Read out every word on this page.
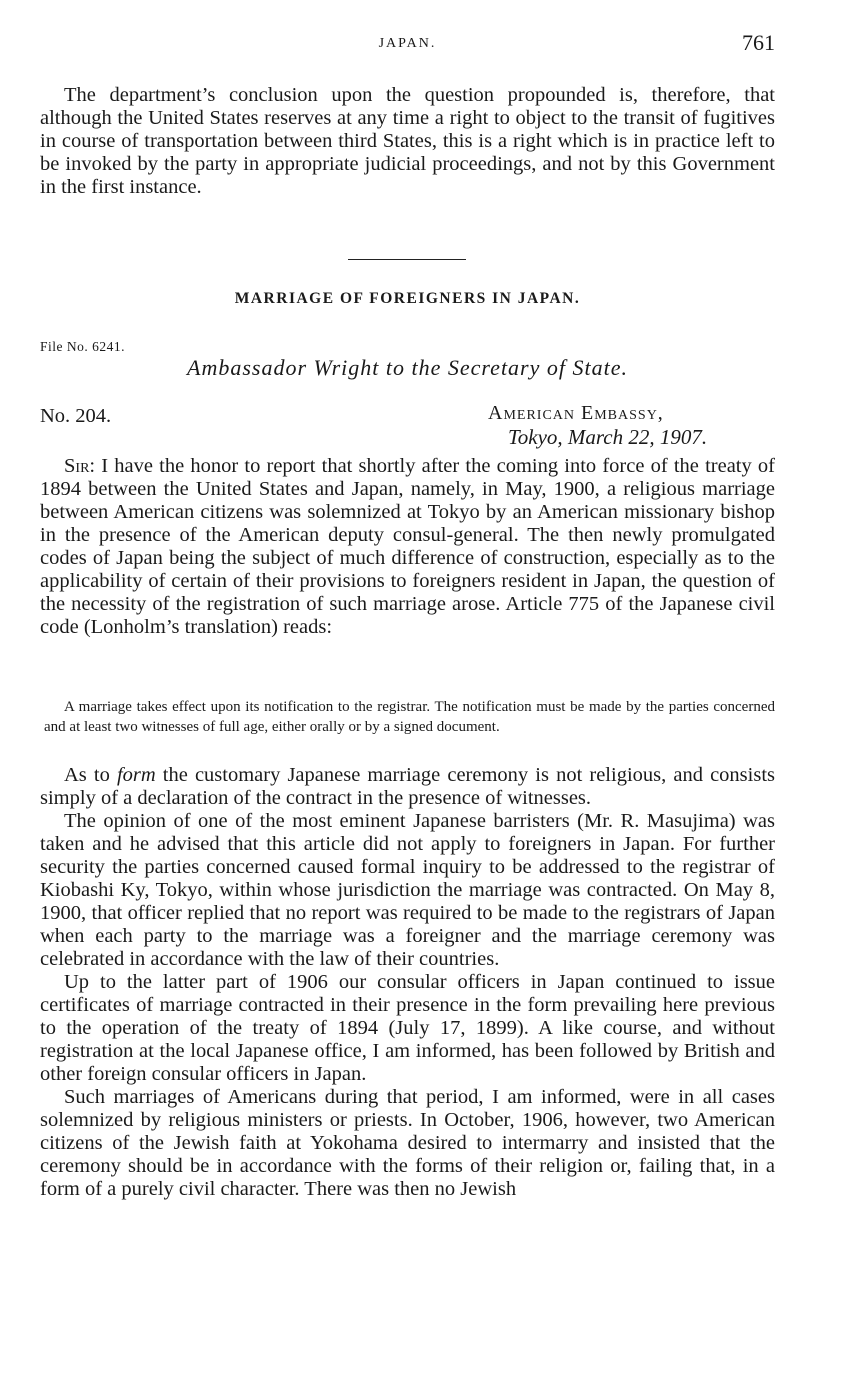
JAPAN.	761

The department’s conclusion upon the question propounded is, therefore, that although the United States reserves at any time a right to object to the transit of fugitives in course of transportation between third States, this is a right which is in practice left to be invoked by the party in appropriate judicial proceedings, and not by this Government in the first instance.

MARRIAGE OF FOREIGNERS IN JAPAN.
File No. 6241.
Ambassador Wright to the Secretary of State.
No. 204.	American Embassy,
Tokyo, March 22, 1907.

Sir: I have the honor to report that shortly after the coming into force of the treaty of 1894 between the United States and Japan, namely, in May, 1900, a religious marriage between American citizens was solemnized at Tokyo by an American missionary bishop in the presence of the American deputy consul-general. The then newly promulgated codes of Japan being the subject of much difference of construction, especially as to the applicability of certain of their provisions to foreigners resident in Japan, the question of the necessity of the registration of such marriage arose. Article 775 of the Japanese civil code (Lonholm’s translation) reads:

A marriage takes effect upon its notification to the registrar. The notification must be made by the parties concerned and at least two witnesses of full age, either orally or by a signed document.

As to form the customary Japanese marriage ceremony is not religious, and consists simply of a declaration of the contract in the presence of witnesses.

The opinion of one of the most eminent Japanese barristers (Mr. R. Masujima) was taken and he advised that this article did not apply to foreigners in Japan. For further security the parties concerned caused formal inquiry to be addressed to the registrar of Kiobashi Ky, Tokyo, within whose jurisdiction the marriage was contracted. On May 8, 1900, that officer replied that no report was required to be made to the registrars of Japan when each party to the marriage was a foreigner and the marriage ceremony was celebrated in accordance with the law of their countries.

Up to the latter part of 1906 our consular officers in Japan continued to issue certificates of marriage contracted in their presence in the form prevailing here previous to the operation of the treaty of 1894 (July 17, 1899). A like course, and without registration at the local Japanese office, I am informed, has been followed by British and other foreign consular officers in Japan.

Such marriages of Americans during that period, I am informed, were in all cases solemnized by religious ministers or priests. In October, 1906, however, two American citizens of the Jewish faith at Yokohama desired to intermarry and insisted that the ceremony should be in accordance with the forms of their religion or, failing that, in a form of a purely civil character. There was then no Jewish
